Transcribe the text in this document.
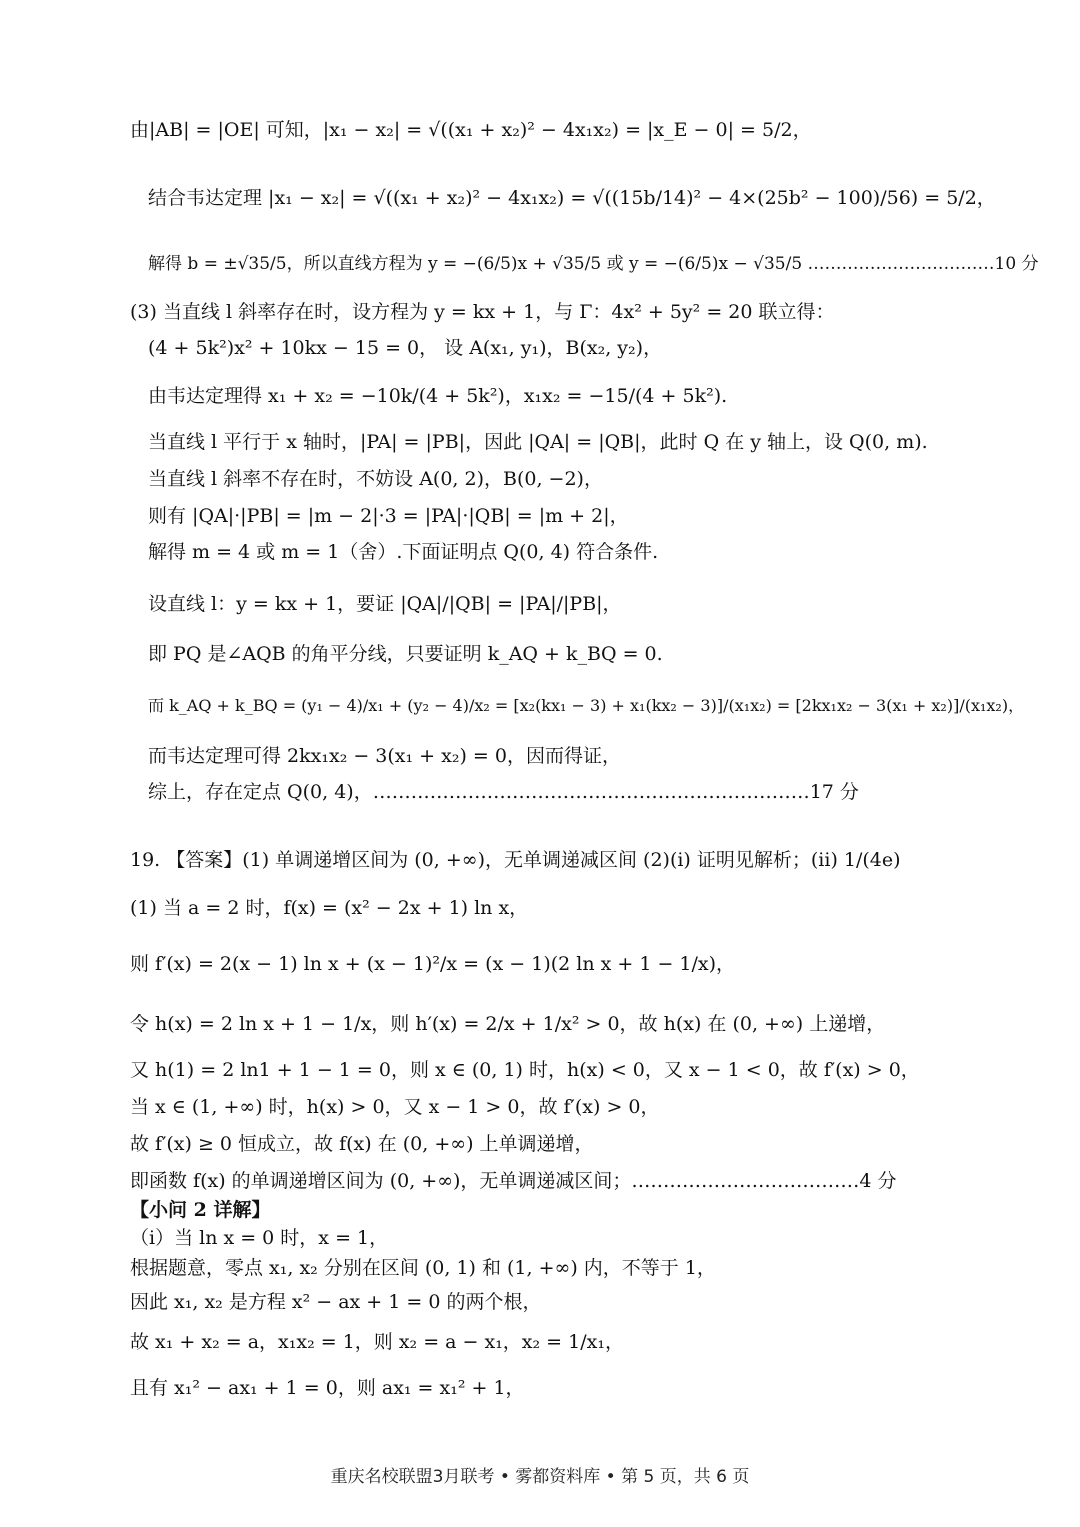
由|AB| = |OE| 可知，|x₁ − x₂| = √((x₁ + x₂)² − 4x₁x₂) = |x_E − 0| = 5/2，
结合韦达定理 |x₁ − x₂| = √((x₁ + x₂)² − 4x₁x₂) = √((15b/14)² − 4×(25b² − 100)/56) = 5/2，
解得 b = ±√35/5，所以直线方程为 y = −(6/5)x + √35/5 或 y = −(6/5)x − √35/5 ……………………………10 分
(3) 当直线 l 斜率存在时，设方程为 y = kx + 1，与 Γ：4x² + 5y² = 20 联立得：
(4 + 5k²)x² + 10kx − 15 = 0， 设 A(x₁, y₁)，B(x₂, y₂)，
由韦达定理得 x₁ + x₂ = −10k/(4 + 5k²)，x₁x₂ = −15/(4 + 5k²).
当直线 l 平行于 x 轴时，|PA| = |PB|，因此 |QA| = |QB|，此时 Q 在 y 轴上，设 Q(0, m).
当直线 l 斜率不存在时，不妨设 A(0, 2)，B(0, −2)，
则有 |QA|·|PB| = |m − 2|·3 = |PA|·|QB| = |m + 2|，
解得 m = 4 或 m = 1（舍）.下面证明点 Q(0, 4) 符合条件.
设直线 l：y = kx + 1，要证 |QA|/|QB| = |PA|/|PB|，
即 PQ 是∠AQB 的角平分线，只要证明 k_AQ + k_BQ = 0.
而 k_AQ + k_BQ = (y₁ − 4)/x₁ + (y₂ − 4)/x₂ = [x₂(kx₁ − 3) + x₁(kx₂ − 3)]/(x₁x₂) = [2kx₁x₂ − 3(x₁ + x₂)]/(x₁x₂)，
而韦达定理可得 2kx₁x₂ − 3(x₁ + x₂) = 0，因而得证，
综上，存在定点 Q(0, 4)，……………………………………………………………17 分
19. 【答案】(1) 单调递增区间为 (0, +∞)，无单调递减区间 (2)(i) 证明见解析；(ii) 1/(4e)
(1) 当 a = 2 时，f(x) = (x² − 2x + 1) ln x，
则 f′(x) = 2(x − 1) ln x + (x − 1)²/x = (x − 1)(2 ln x + 1 − 1/x)，
令 h(x) = 2 ln x + 1 − 1/x，则 h′(x) = 2/x + 1/x² > 0，故 h(x) 在 (0, +∞) 上递增，
又 h(1) = 2 ln1 + 1 − 1 = 0，则 x ∈ (0, 1) 时，h(x) < 0，又 x − 1 < 0，故 f′(x) > 0，
当 x ∈ (1, +∞) 时，h(x) > 0，又 x − 1 > 0，故 f′(x) > 0，
故 f′(x) ≥ 0 恒成立，故 f(x) 在 (0, +∞) 上单调递增，
即函数 f(x) 的单调递增区间为 (0, +∞)，无单调递减区间；………………………………4 分
【小问 2 详解】
（i）当 ln x = 0 时，x = 1，
根据题意，零点 x₁, x₂ 分别在区间 (0, 1) 和 (1, +∞) 内，不等于 1，
因此 x₁, x₂ 是方程 x² − ax + 1 = 0 的两个根，
故 x₁ + x₂ = a，x₁x₂ = 1，则 x₂ = a − x₁，x₂ = 1/x₁，
且有 x₁² − ax₁ + 1 = 0，则 ax₁ = x₁² + 1，
重庆名校联盟3月联考 • 雾都资料库 • 第 5 页，共 6 页
